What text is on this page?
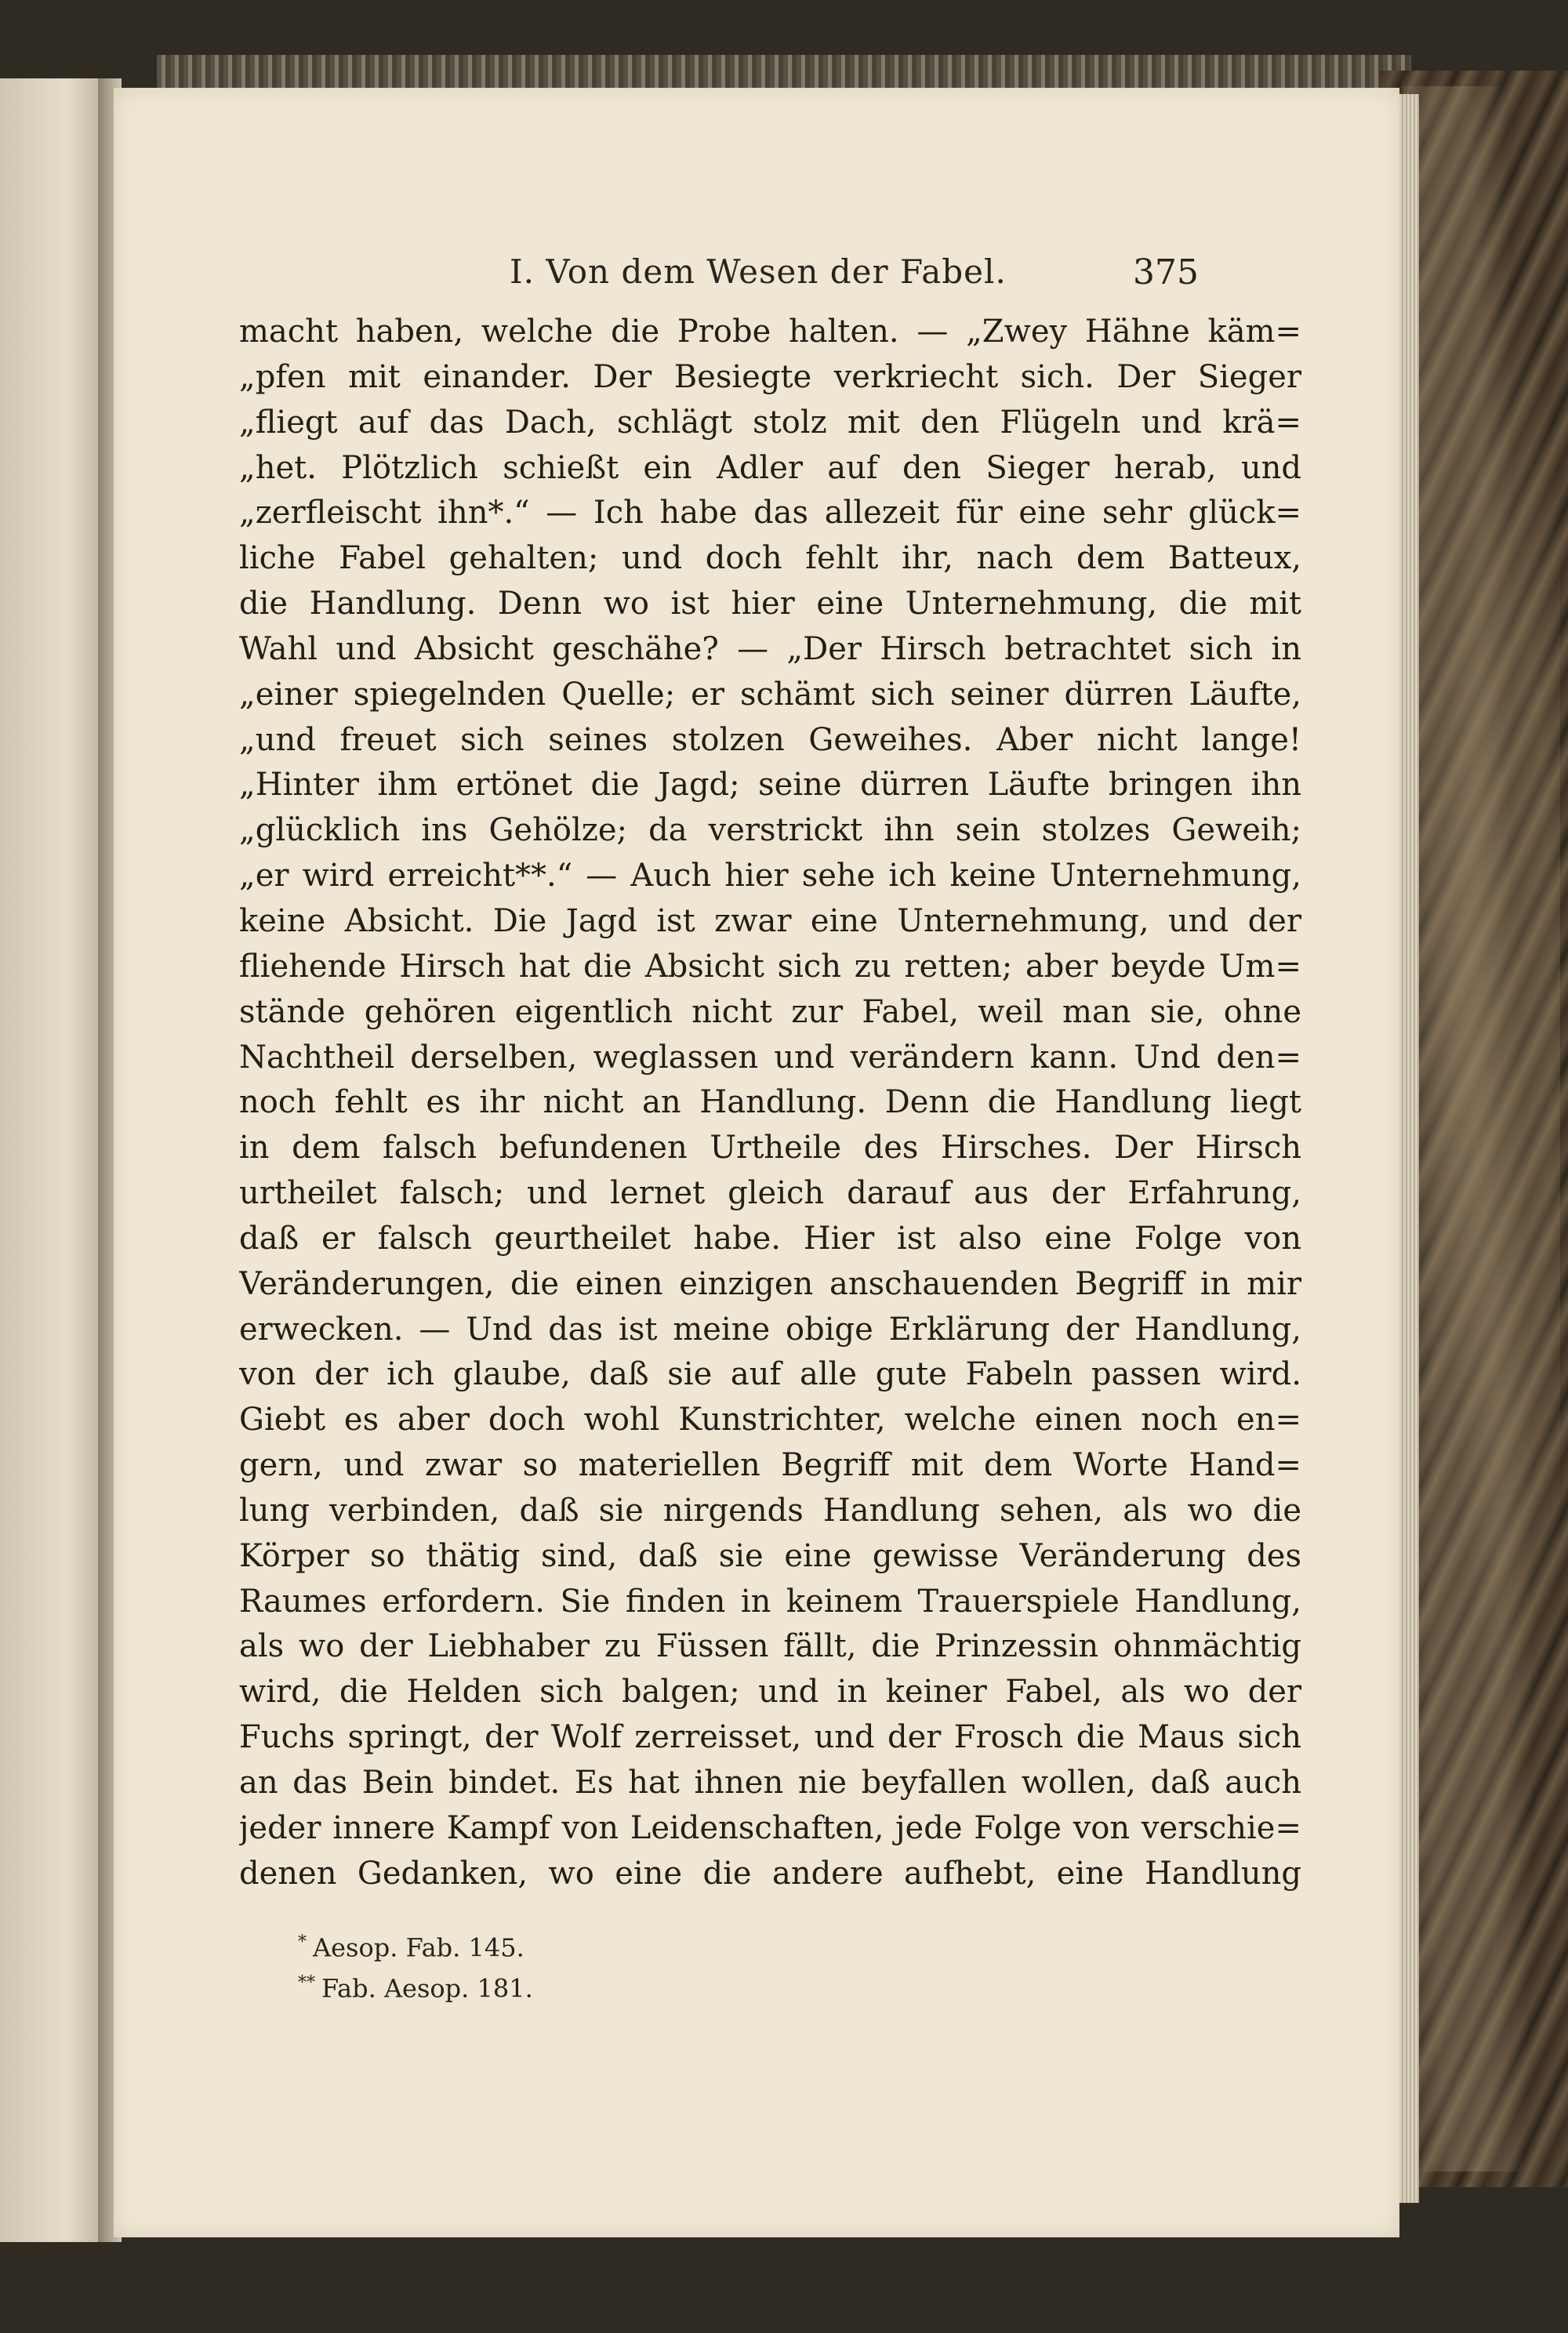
I. Von dem Wesen der Fabel.	375
macht haben, welche die Probe halten. — „Zwey Hähne käm=
„pfen mit einander. Der Besiegte verkriecht sich. Der Sieger
„fliegt auf das Dach, schlägt stolz mit den Flügeln und krä=
„het. Plötzlich schießt ein Adler auf den Sieger herab, und
„zerfleischt ihn*.“ — Ich habe das allezeit für eine sehr glück=
liche Fabel gehalten; und doch fehlt ihr, nach dem Batteux,
die Handlung. Denn wo ist hier eine Unternehmung, die mit
Wahl und Absicht geschähe? — „Der Hirsch betrachtet sich in
„einer spiegelnden Quelle; er schämt sich seiner dürren Läufte,
„und freuet sich seines stolzen Geweihes. Aber nicht lange!
„Hinter ihm ertönet die Jagd; seine dürren Läufte bringen ihn
„glücklich ins Gehölze; da verstrickt ihn sein stolzes Geweih;
„er wird erreicht**.“ — Auch hier sehe ich keine Unternehmung,
keine Absicht. Die Jagd ist zwar eine Unternehmung, und der
fliehende Hirsch hat die Absicht sich zu retten; aber beyde Um=
stände gehören eigentlich nicht zur Fabel, weil man sie, ohne
Nachtheil derselben, weglassen und verändern kann. Und den=
noch fehlt es ihr nicht an Handlung. Denn die Handlung liegt
in dem falsch befundenen Urtheile des Hirsches. Der Hirsch
urtheilet falsch; und lernet gleich darauf aus der Erfahrung,
daß er falsch geurtheilet habe. Hier ist also eine Folge von
Veränderungen, die einen einzigen anschauenden Begriff in mir
erwecken. — Und das ist meine obige Erklärung der Handlung,
von der ich glaube, daß sie auf alle gute Fabeln passen wird.
Giebt es aber doch wohl Kunstrichter, welche einen noch en=
gern, und zwar so materiellen Begriff mit dem Worte Hand=
lung verbinden, daß sie nirgends Handlung sehen, als wo die
Körper so thätig sind, daß sie eine gewisse Veränderung des
Raumes erfordern. Sie finden in keinem Trauerspiele Handlung,
als wo der Liebhaber zu Füssen fällt, die Prinzessin ohnmächtig
wird, die Helden sich balgen; und in keiner Fabel, als wo der
Fuchs springt, der Wolf zerreisset, und der Frosch die Maus sich
an das Bein bindet. Es hat ihnen nie beyfallen wollen, daß auch
jeder innere Kampf von Leidenschaften, jede Folge von verschie=
denen Gedanken, wo eine die andere aufhebt, eine Handlung
* Aesop. Fab. 145.
** Fab. Aesop. 181.
